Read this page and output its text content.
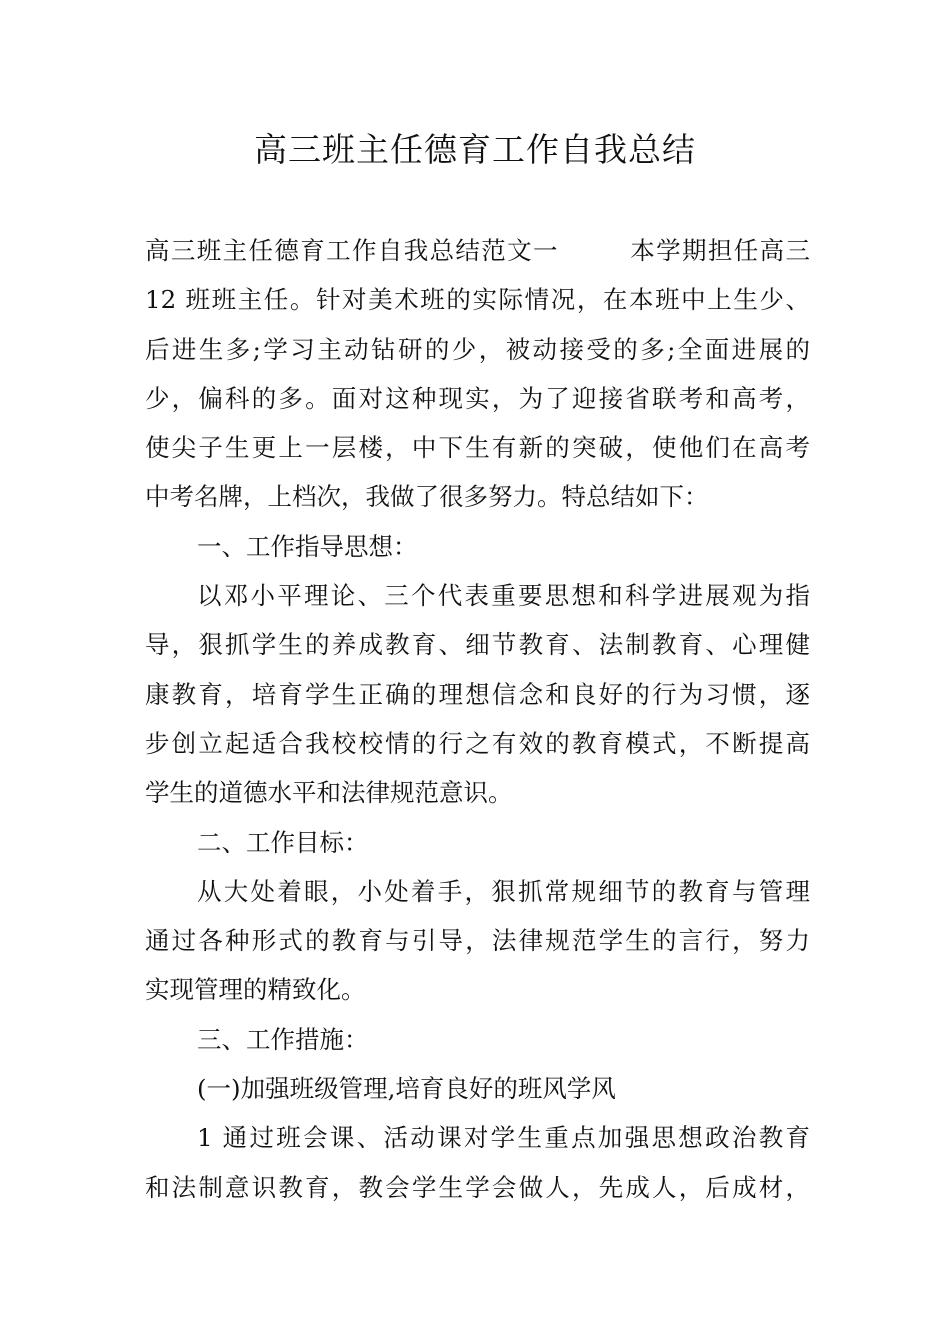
高三班主任德育工作自我总结
高三班主任德育工作自我总结范文一	本学期担任高三
12 班班主任。针对美术班的实际情况，在本班中上生少、
后进生多;学习主动钻研的少，被动接受的多;全面进展的
少，偏科的多。面对这种现实，为了迎接省联考和高考，
使尖子生更上一层楼，中下生有新的突破，使他们在高考
中考名牌，上档次，我做了很多努力。特总结如下：
一、工作指导思想：
以邓小平理论、三个代表重要思想和科学进展观为指
导，狠抓学生的养成教育、细节教育、法制教育、心理健
康教育，培育学生正确的理想信念和良好的行为习惯，逐
步创立起适合我校校情的行之有效的教育模式，不断提高
学生的道德水平和法律规范意识。
二、工作目标：
从大处着眼，小处着手，狠抓常规细节的教育与管理
通过各种形式的教育与引导，法律规范学生的言行，努力
实现管理的精致化。
三、工作措施：
(一)加强班级管理,培育良好的班风学风
1 通过班会课、活动课对学生重点加强思想政治教育
和法制意识教育，教会学生学会做人，先成人，后成材，
